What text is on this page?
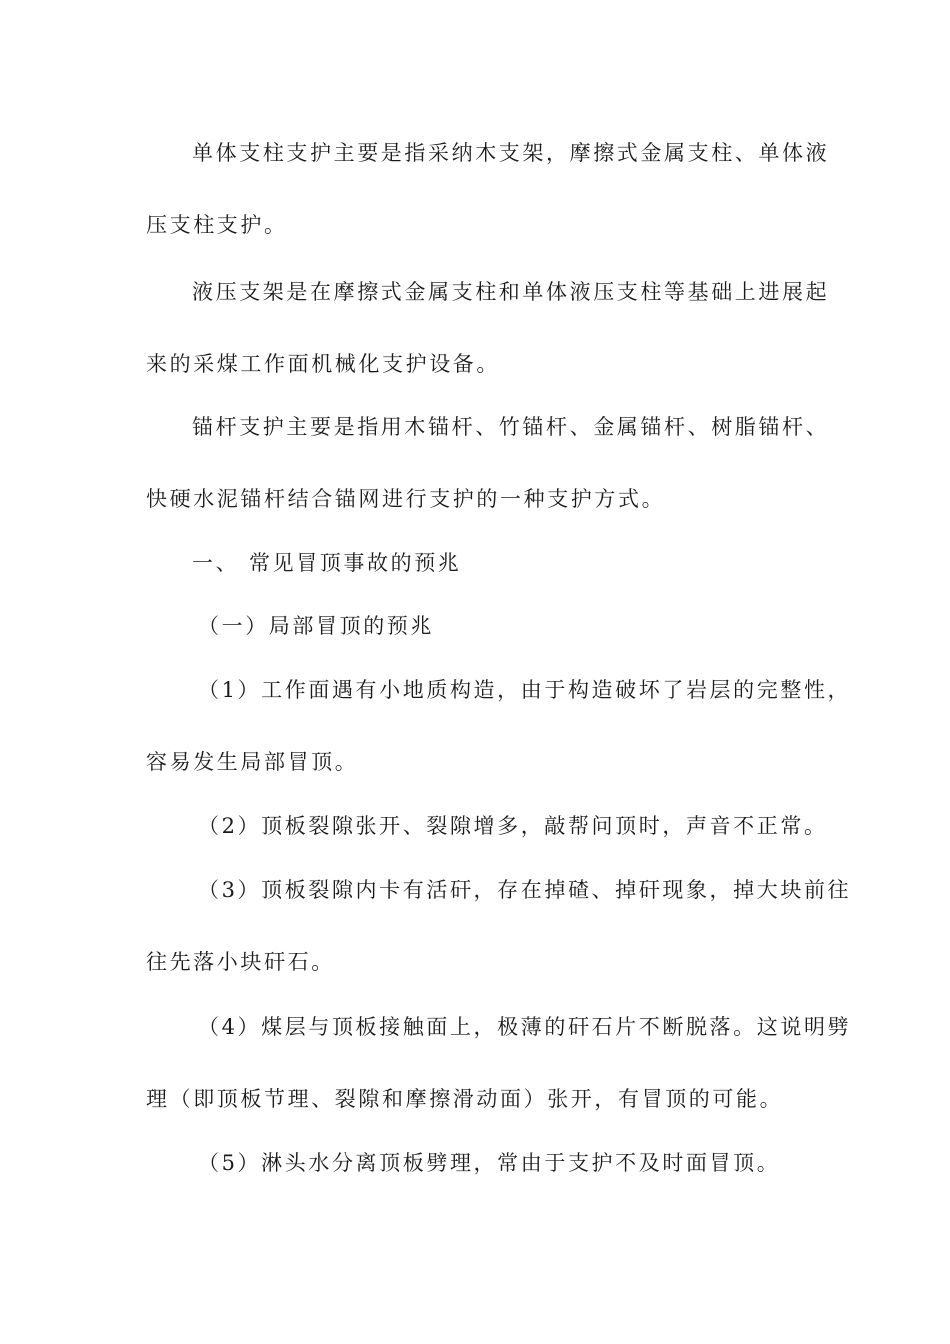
单体支柱支护主要是指采纳木支架，摩擦式金属支柱、单体液
压支柱支护。
液压支架是在摩擦式金属支柱和单体液压支柱等基础上进展起
来的采煤工作面机械化支护设备。
锚杆支护主要是指用木锚杆、竹锚杆、金属锚杆、树脂锚杆、
快硬水泥锚杆结合锚网进行支护的一种支护方式。
一、 常见冒顶事故的预兆
（一）局部冒顶的预兆
（1）工作面遇有小地质构造，由于构造破坏了岩层的完整性，
容易发生局部冒顶。
（2）顶板裂隙张开、裂隙增多，敲帮问顶时，声音不正常。
（3）顶板裂隙内卡有活矸，存在掉碴、掉矸现象，掉大块前往
往先落小块矸石。
（4）煤层与顶板接触面上，极薄的矸石片不断脱落。这说明劈
理（即顶板节理、裂隙和摩擦滑动面）张开，有冒顶的可能。
（5）淋头水分离顶板劈理，常由于支护不及时面冒顶。
